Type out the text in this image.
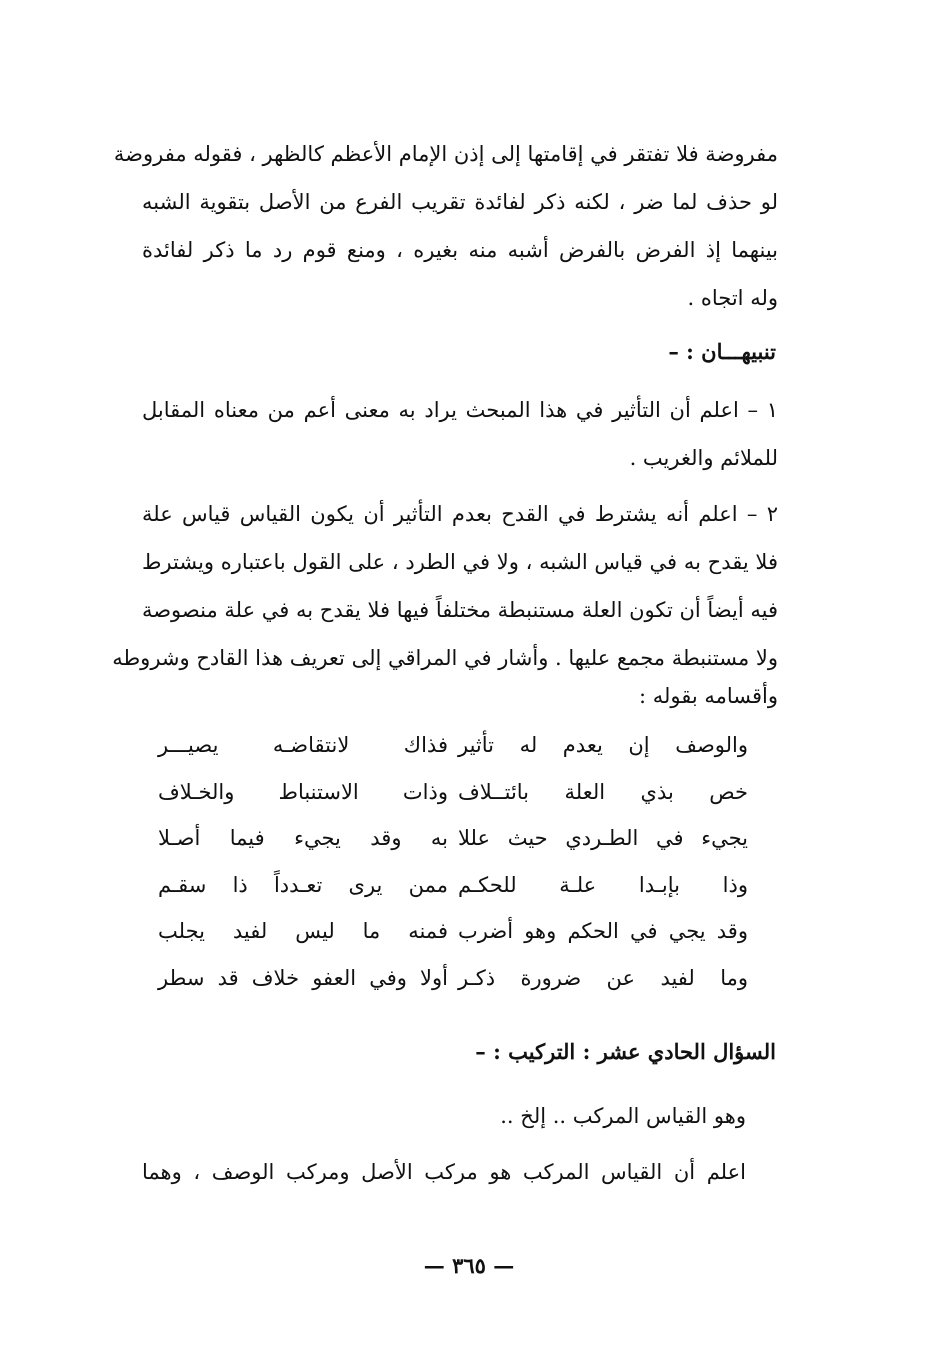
مفروضة فلا تفتقر في إقامتها إلى إذن الإمام الأعظم كالظهر ، فقوله مفروضة
لو حذف لما ضر ، لكنه ذكر لفائدة تقريب الفرع من الأصل بتقوية الشبه
بينهما إذ الفرض بالفرض أشبه منه بغيره ، ومنع قوم رد ما ذكر لفائدة
وله اتجاه .
تنبيهـــان : –
١ – اعلم أن التأثير في هذا المبحث يراد به معنى أعم من معناه المقابل
للملائم والغريب .
٢ – اعلم أنه يشترط في القدح بعدم التأثير أن يكون القياس قياس علة
فلا يقدح به في قياس الشبه ، ولا في الطرد ، على القول باعتباره ويشترط
فيه أيضاً أن تكون العلة مستنبطة مختلفاً فيها فلا يقدح به في علة منصوصة
ولا مستنبطة مجمع عليها . وأشار في المراقي إلى تعريف هذا القادح وشروطه
وأقسامه بقوله :
والوصف إن يعدم له تأثير
فذاك لانتقاضـه يصيـــر
خص بذي العلة بائتــلاف
وذات الاستنباط والخـلاف
يجيء في الطـردي حيث عللا
به وقد يجيء فيما أصـلا
وذا بإبـدا علـة للحكـم
ممن يرى تعـدداً ذا سقـم
وقد يجي في الحكم وهو أضرب
فمنه ما ليس لفيد يجلب
وما لفيد عن ضرورة ذكـر
أولا وفي العفو خلاف قد سطر
السؤال الحادي عشر : التركيب : –
وهو القياس المركب .. إلخ ..
اعلم أن القياس المركب هو مركب الأصل ومركب الوصف ، وهما
— ٣٦٥ —
